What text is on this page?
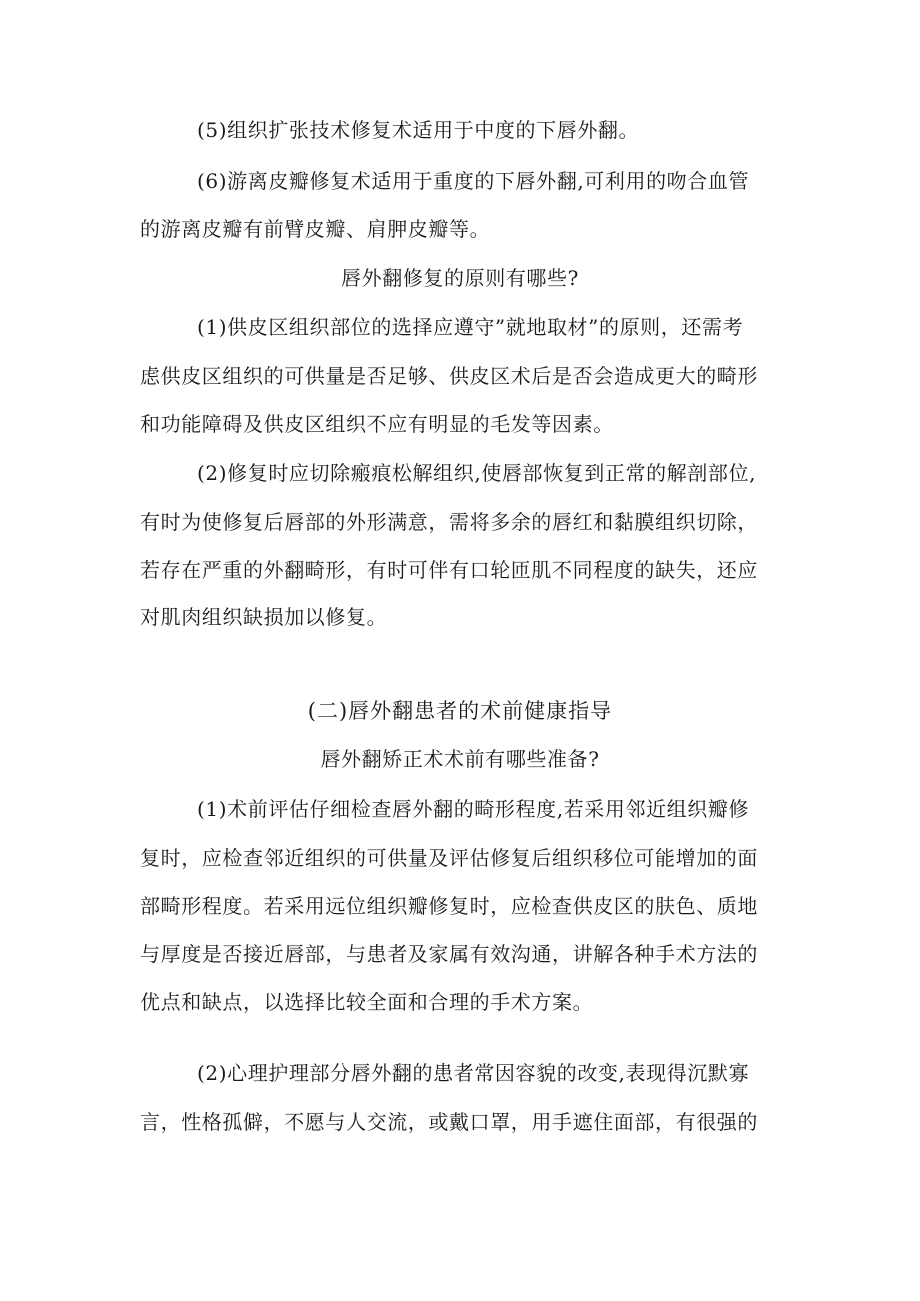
(5)组织扩张技术修复术适用于中度的下唇外翻。
(6)游离皮瓣修复术适用于重度的下唇外翻,可利用的吻合血管
的游离皮瓣有前臂皮瓣、肩胛皮瓣等。
唇外翻修复的原则有哪些?
(1)供皮区组织部位的选择应遵守”就地取材”的原则，还需考
虑供皮区组织的可供量是否足够、供皮区术后是否会造成更大的畸形
和功能障碍及供皮区组织不应有明显的毛发等因素。
(2)修复时应切除瘢痕松解组织,使唇部恢复到正常的解剖部位,
有时为使修复后唇部的外形满意，需将多余的唇红和黏膜组织切除，
若存在严重的外翻畸形，有时可伴有口轮匝肌不同程度的缺失，还应
对肌肉组织缺损加以修复。
(二)唇外翻患者的术前健康指导
唇外翻矫正术术前有哪些准备?
(1)术前评估仔细检查唇外翻的畸形程度,若采用邻近组织瓣修
复时，应检查邻近组织的可供量及评估修复后组织移位可能增加的面
部畸形程度。若采用远位组织瓣修复时，应检查供皮区的肤色、质地
与厚度是否接近唇部，与患者及家属有效沟通，讲解各种手术方法的
优点和缺点，以选择比较全面和合理的手术方案。
(2)心理护理部分唇外翻的患者常因容貌的改变,表现得沉默寡
言，性格孤僻，不愿与人交流，或戴口罩，用手遮住面部，有很强的
